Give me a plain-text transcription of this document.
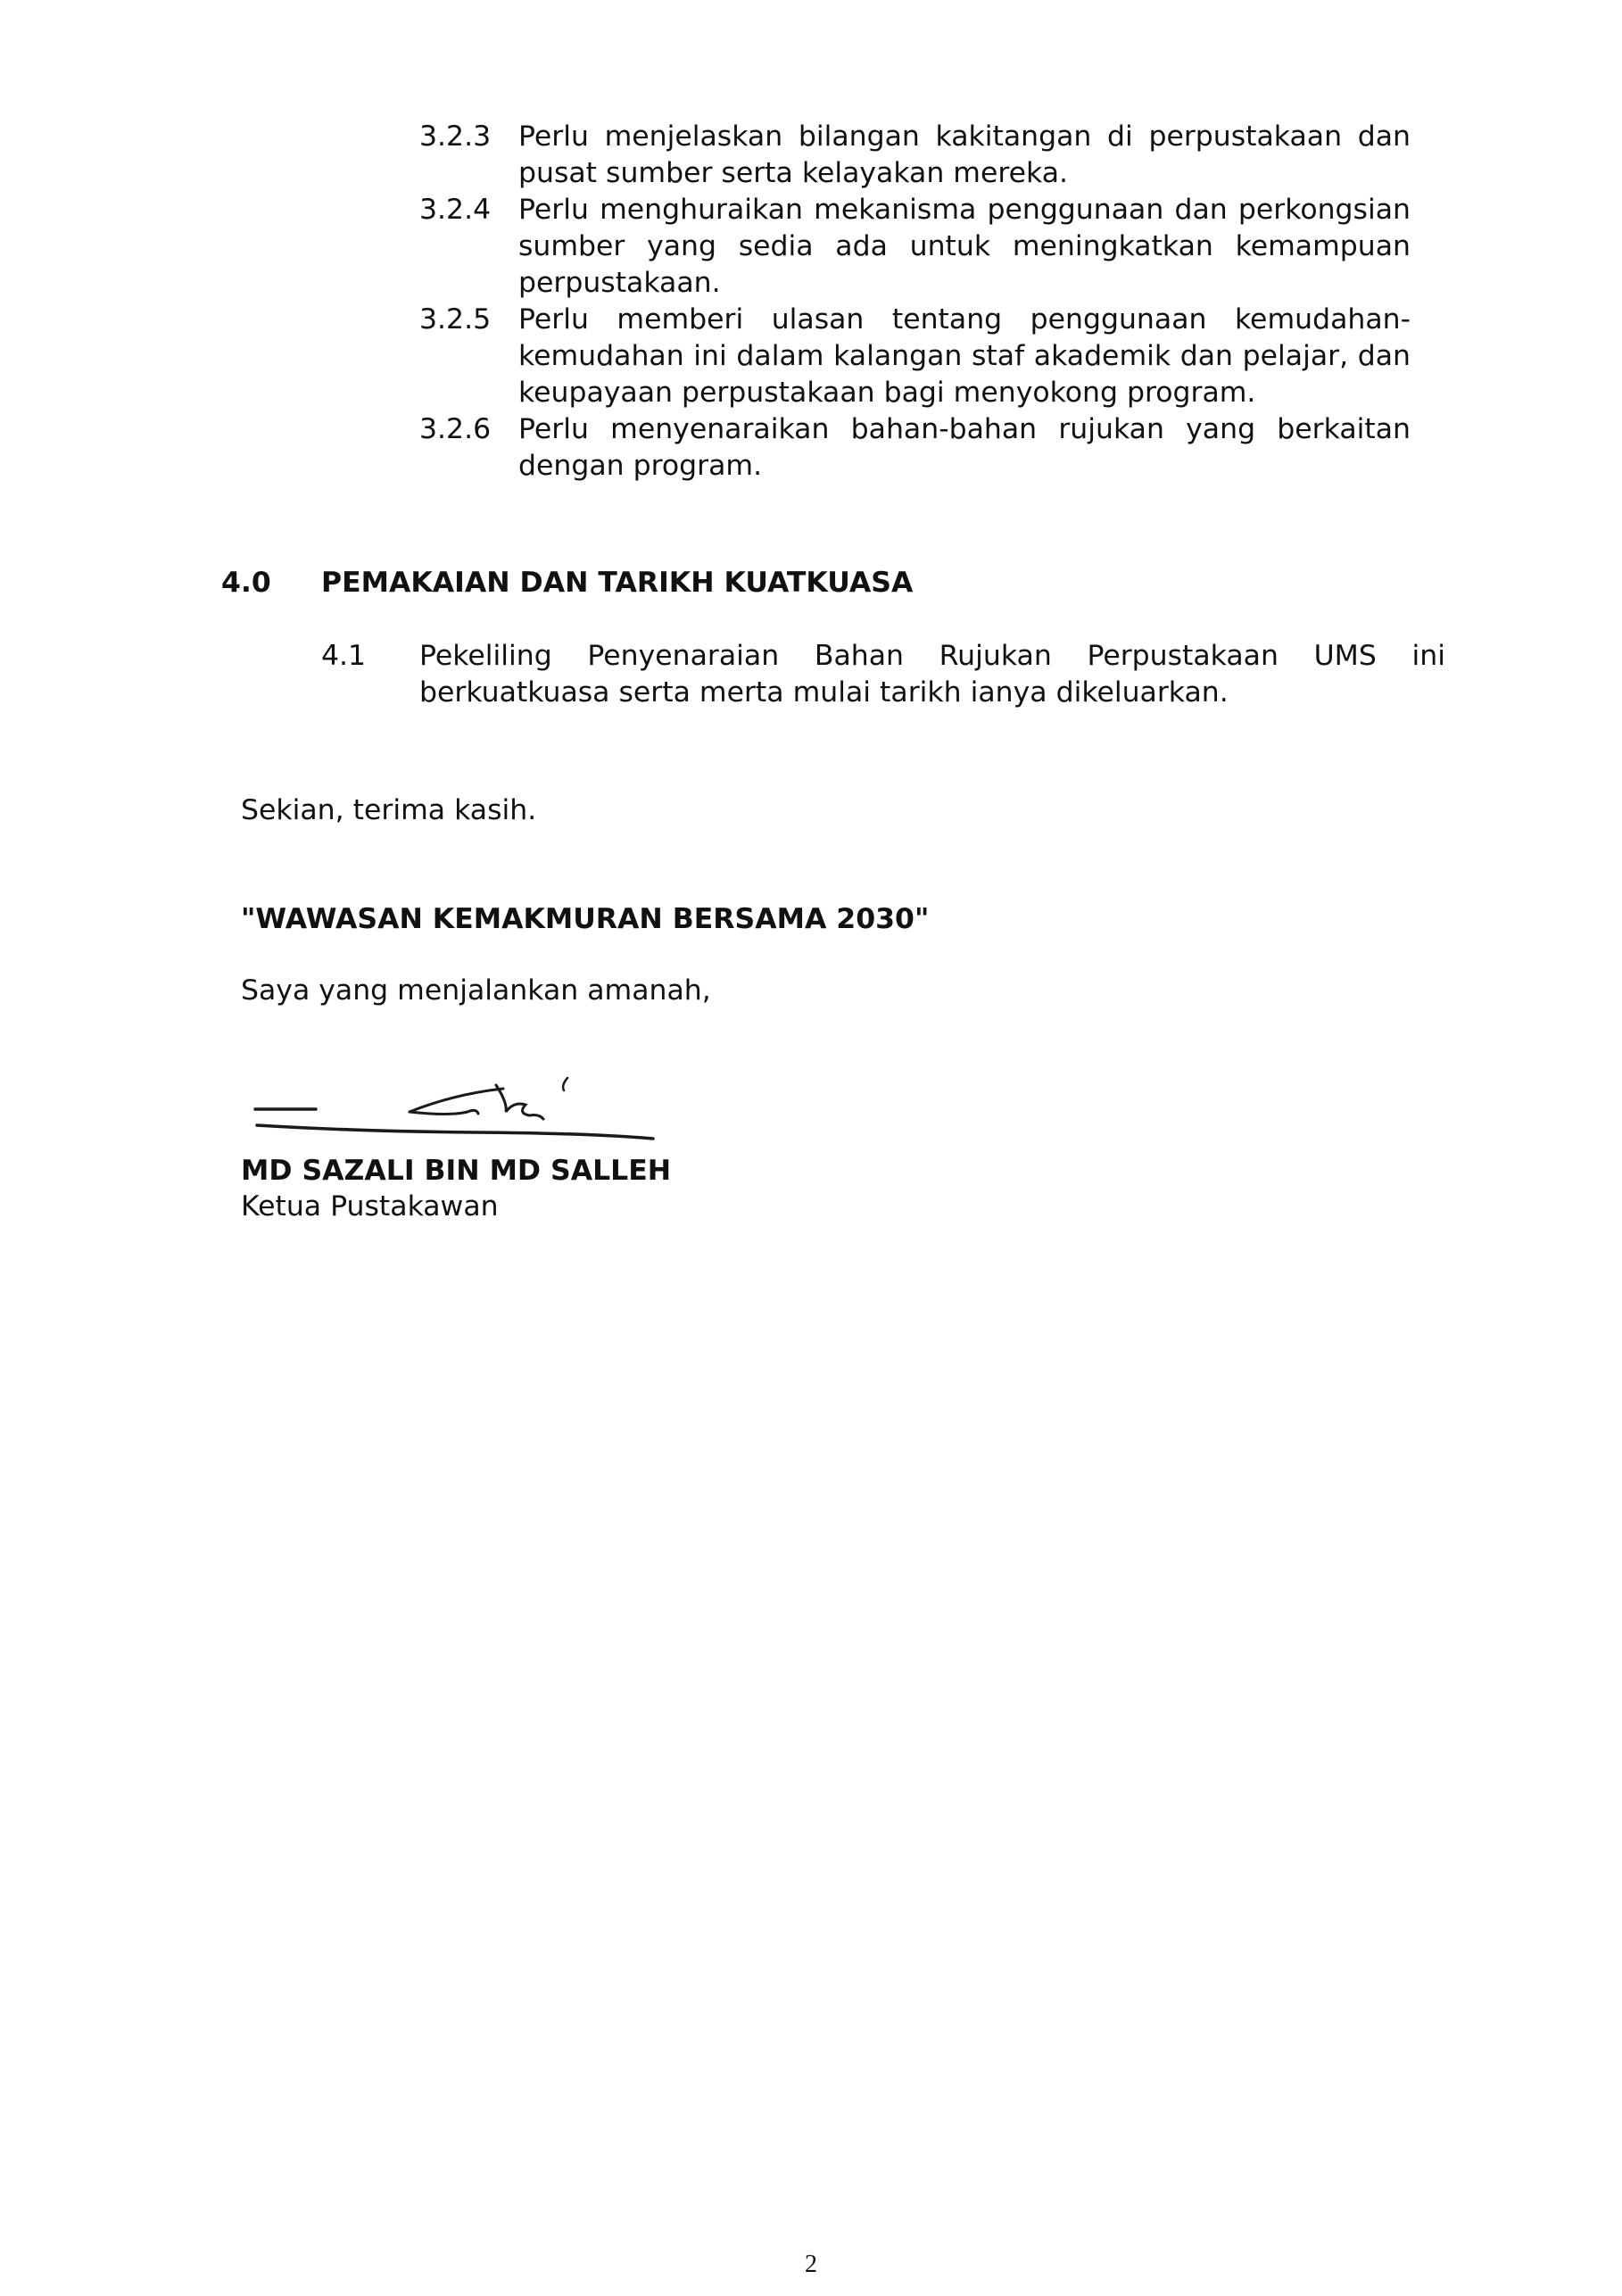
3.2.3 Perlu menjelaskan bilangan kakitangan di perpustakaan dan pusat sumber serta kelayakan mereka.
3.2.4 Perlu menghuraikan mekanisma penggunaan dan perkongsian sumber yang sedia ada untuk meningkatkan kemampuan perpustakaan.
3.2.5 Perlu memberi ulasan tentang penggunaan kemudahan-kemudahan ini dalam kalangan staf akademik dan pelajar, dan keupayaan perpustakaan bagi menyokong program.
3.2.6 Perlu menyenaraikan bahan-bahan rujukan yang berkaitan dengan program.
4.0 PEMAKAIAN DAN TARIKH KUATKUASA
4.1 Pekeliling Penyenaraian Bahan Rujukan Perpustakaan UMS ini berkuatkuasa serta merta mulai tarikh ianya dikeluarkan.
Sekian, terima kasih.
"WAWASAN KEMAKMURAN BERSAMA 2030"
Saya yang menjalankan amanah,
MD SAZALI BIN MD SALLEH
Ketua Pustakawan
2
